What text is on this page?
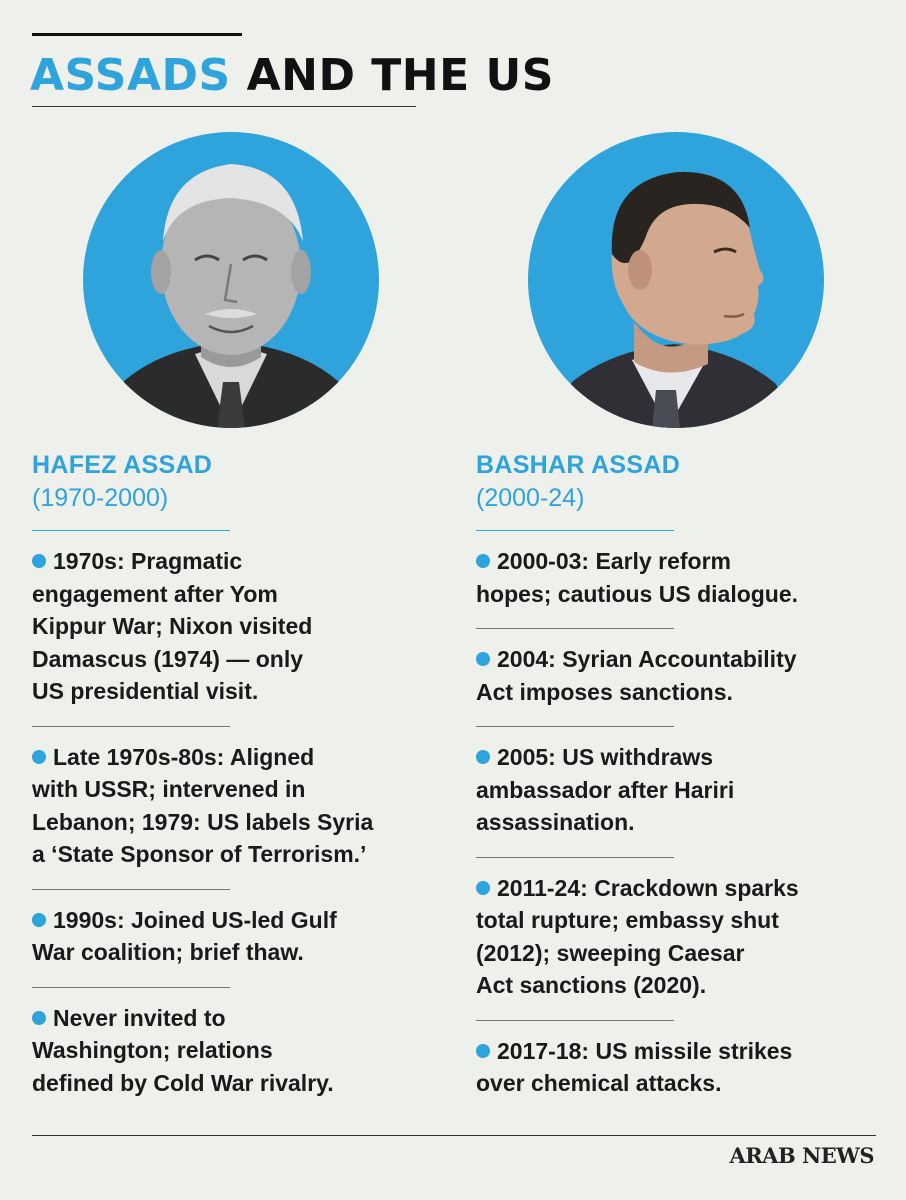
ASSADS AND THE US
HAFEZ ASSAD
(1970-2000)

1970s: Pragmatic
engagement after Yom
Kippur War; Nixon visited
Damascus (1974) — only
US presidential visit.

Late 1970s-80s: Aligned
with USSR; intervened in
Lebanon; 1979: US labels Syria
a ‘State Sponsor of Terrorism.’

1990s: Joined US-led Gulf
War coalition; brief thaw.

Never invited to
Washington; relations
defined by Cold War rivalry.

BASHAR ASSAD
(2000-24)

2000-03: Early reform
hopes; cautious US dialogue.

2004: Syrian Accountability
Act imposes sanctions.

2005: US withdraws
ambassador after Hariri
assassination.

2011-24: Crackdown sparks
total rupture; embassy shut
(2012); sweeping Caesar
Act sanctions (2020).

2017-18: US missile strikes
over chemical attacks.

ARAB NEWS
